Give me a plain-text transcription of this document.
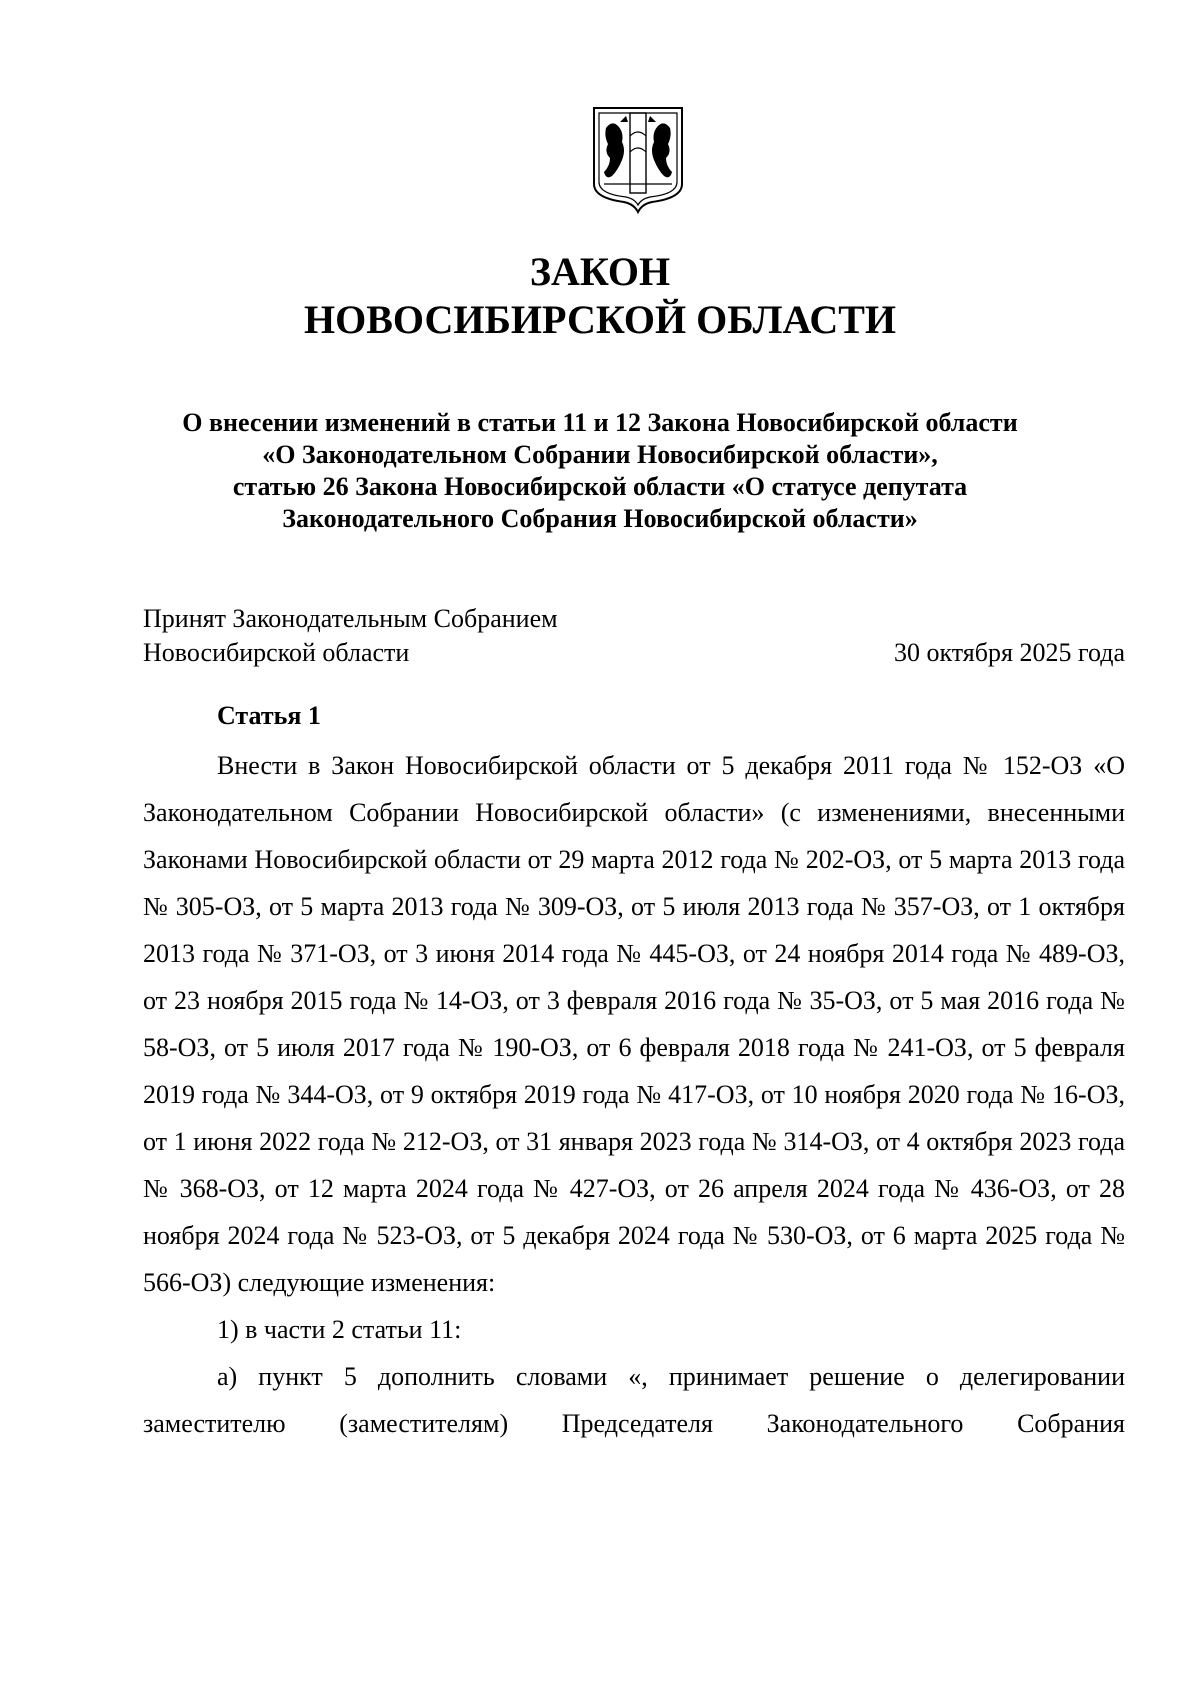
ЗАКОН
НОВОСИБИРСКОЙ ОБЛАСТИ
О внесении изменений в статьи 11 и 12 Закона Новосибирской области
«О Законодательном Собрании Новосибирской области»,
статью 26 Закона Новосибирской области «О статусе депутата
Законодательного Собрания Новосибирской области»
Принят Законодательным Собранием
Новосибирской области	30 октября 2025 года
Статья 1

Внести в Закон Новосибирской области от 5 декабря 2011 года № 152-ОЗ «О Законодательном Собрании Новосибирской области» (с изменениями, внесенными Законами Новосибирской области от 29 марта 2012 года № 202-ОЗ, от 5 марта 2013 года № 305-ОЗ, от 5 марта 2013 года № 309-ОЗ, от 5 июля 2013 года № 357-ОЗ, от 1 октября 2013 года № 371-ОЗ, от 3 июня 2014 года № 445-ОЗ, от 24 ноября 2014 года № 489-ОЗ, от 23 ноября 2015 года № 14-ОЗ, от 3 февраля 2016 года № 35-ОЗ, от 5 мая 2016 года № 58-ОЗ, от 5 июля 2017 года № 190-ОЗ, от 6 февраля 2018 года № 241-ОЗ, от 5 февраля 2019 года № 344-ОЗ, от 9 октября 2019 года № 417-ОЗ, от 10 ноября 2020 года № 16-ОЗ, от 1 июня 2022 года № 212-ОЗ, от 31 января 2023 года № 314-ОЗ, от 4 октября 2023 года № 368-ОЗ, от 12 марта 2024 года № 427-ОЗ, от 26 апреля 2024 года № 436-ОЗ, от 28 ноября 2024 года № 523-ОЗ, от 5 декабря 2024 года № 530-ОЗ, от 6 марта 2025 года № 566-ОЗ) следующие изменения:

1) в части 2 статьи 11:

а) пункт 5 дополнить словами «, принимает решение о делегировании заместителю (заместителям) Председателя Законодательного Собрания
